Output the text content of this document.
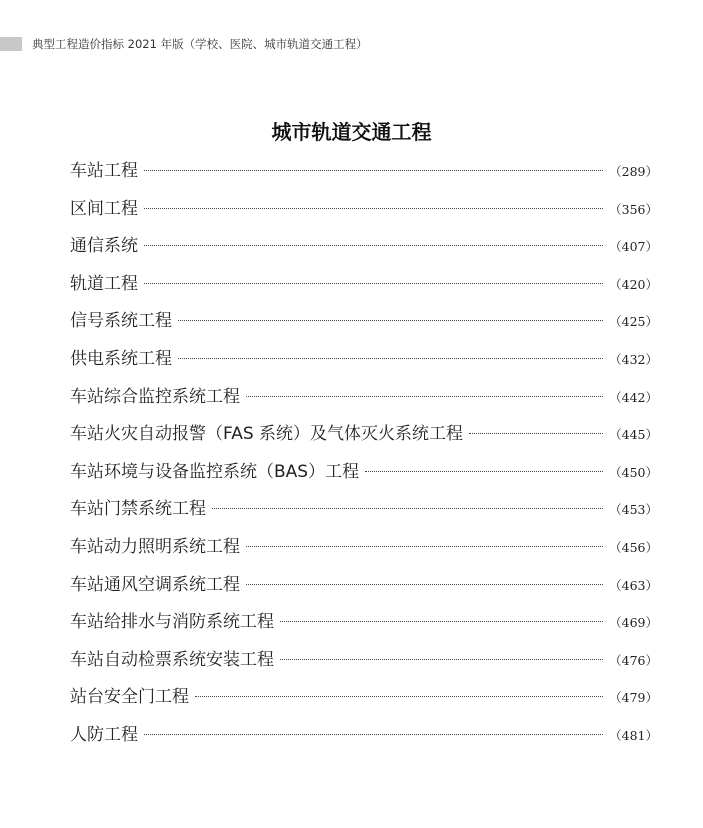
典型工程造价指标 2021 年版（学校、医院、城市轨道交通工程）
城市轨道交通工程
车站工程	（289）
区间工程	（356）
通信系统	（407）
轨道工程	（420）
信号系统工程	（425）
供电系统工程	（432）
车站综合监控系统工程	（442）
车站火灾自动报警（FAS 系统）及气体灭火系统工程	（445）
车站环境与设备监控系统（BAS）工程	（450）
车站门禁系统工程	（453）
车站动力照明系统工程	（456）
车站通风空调系统工程	（463）
车站给排水与消防系统工程	（469）
车站自动检票系统安装工程	（476）
站台安全门工程	（479）
人防工程	（481）
